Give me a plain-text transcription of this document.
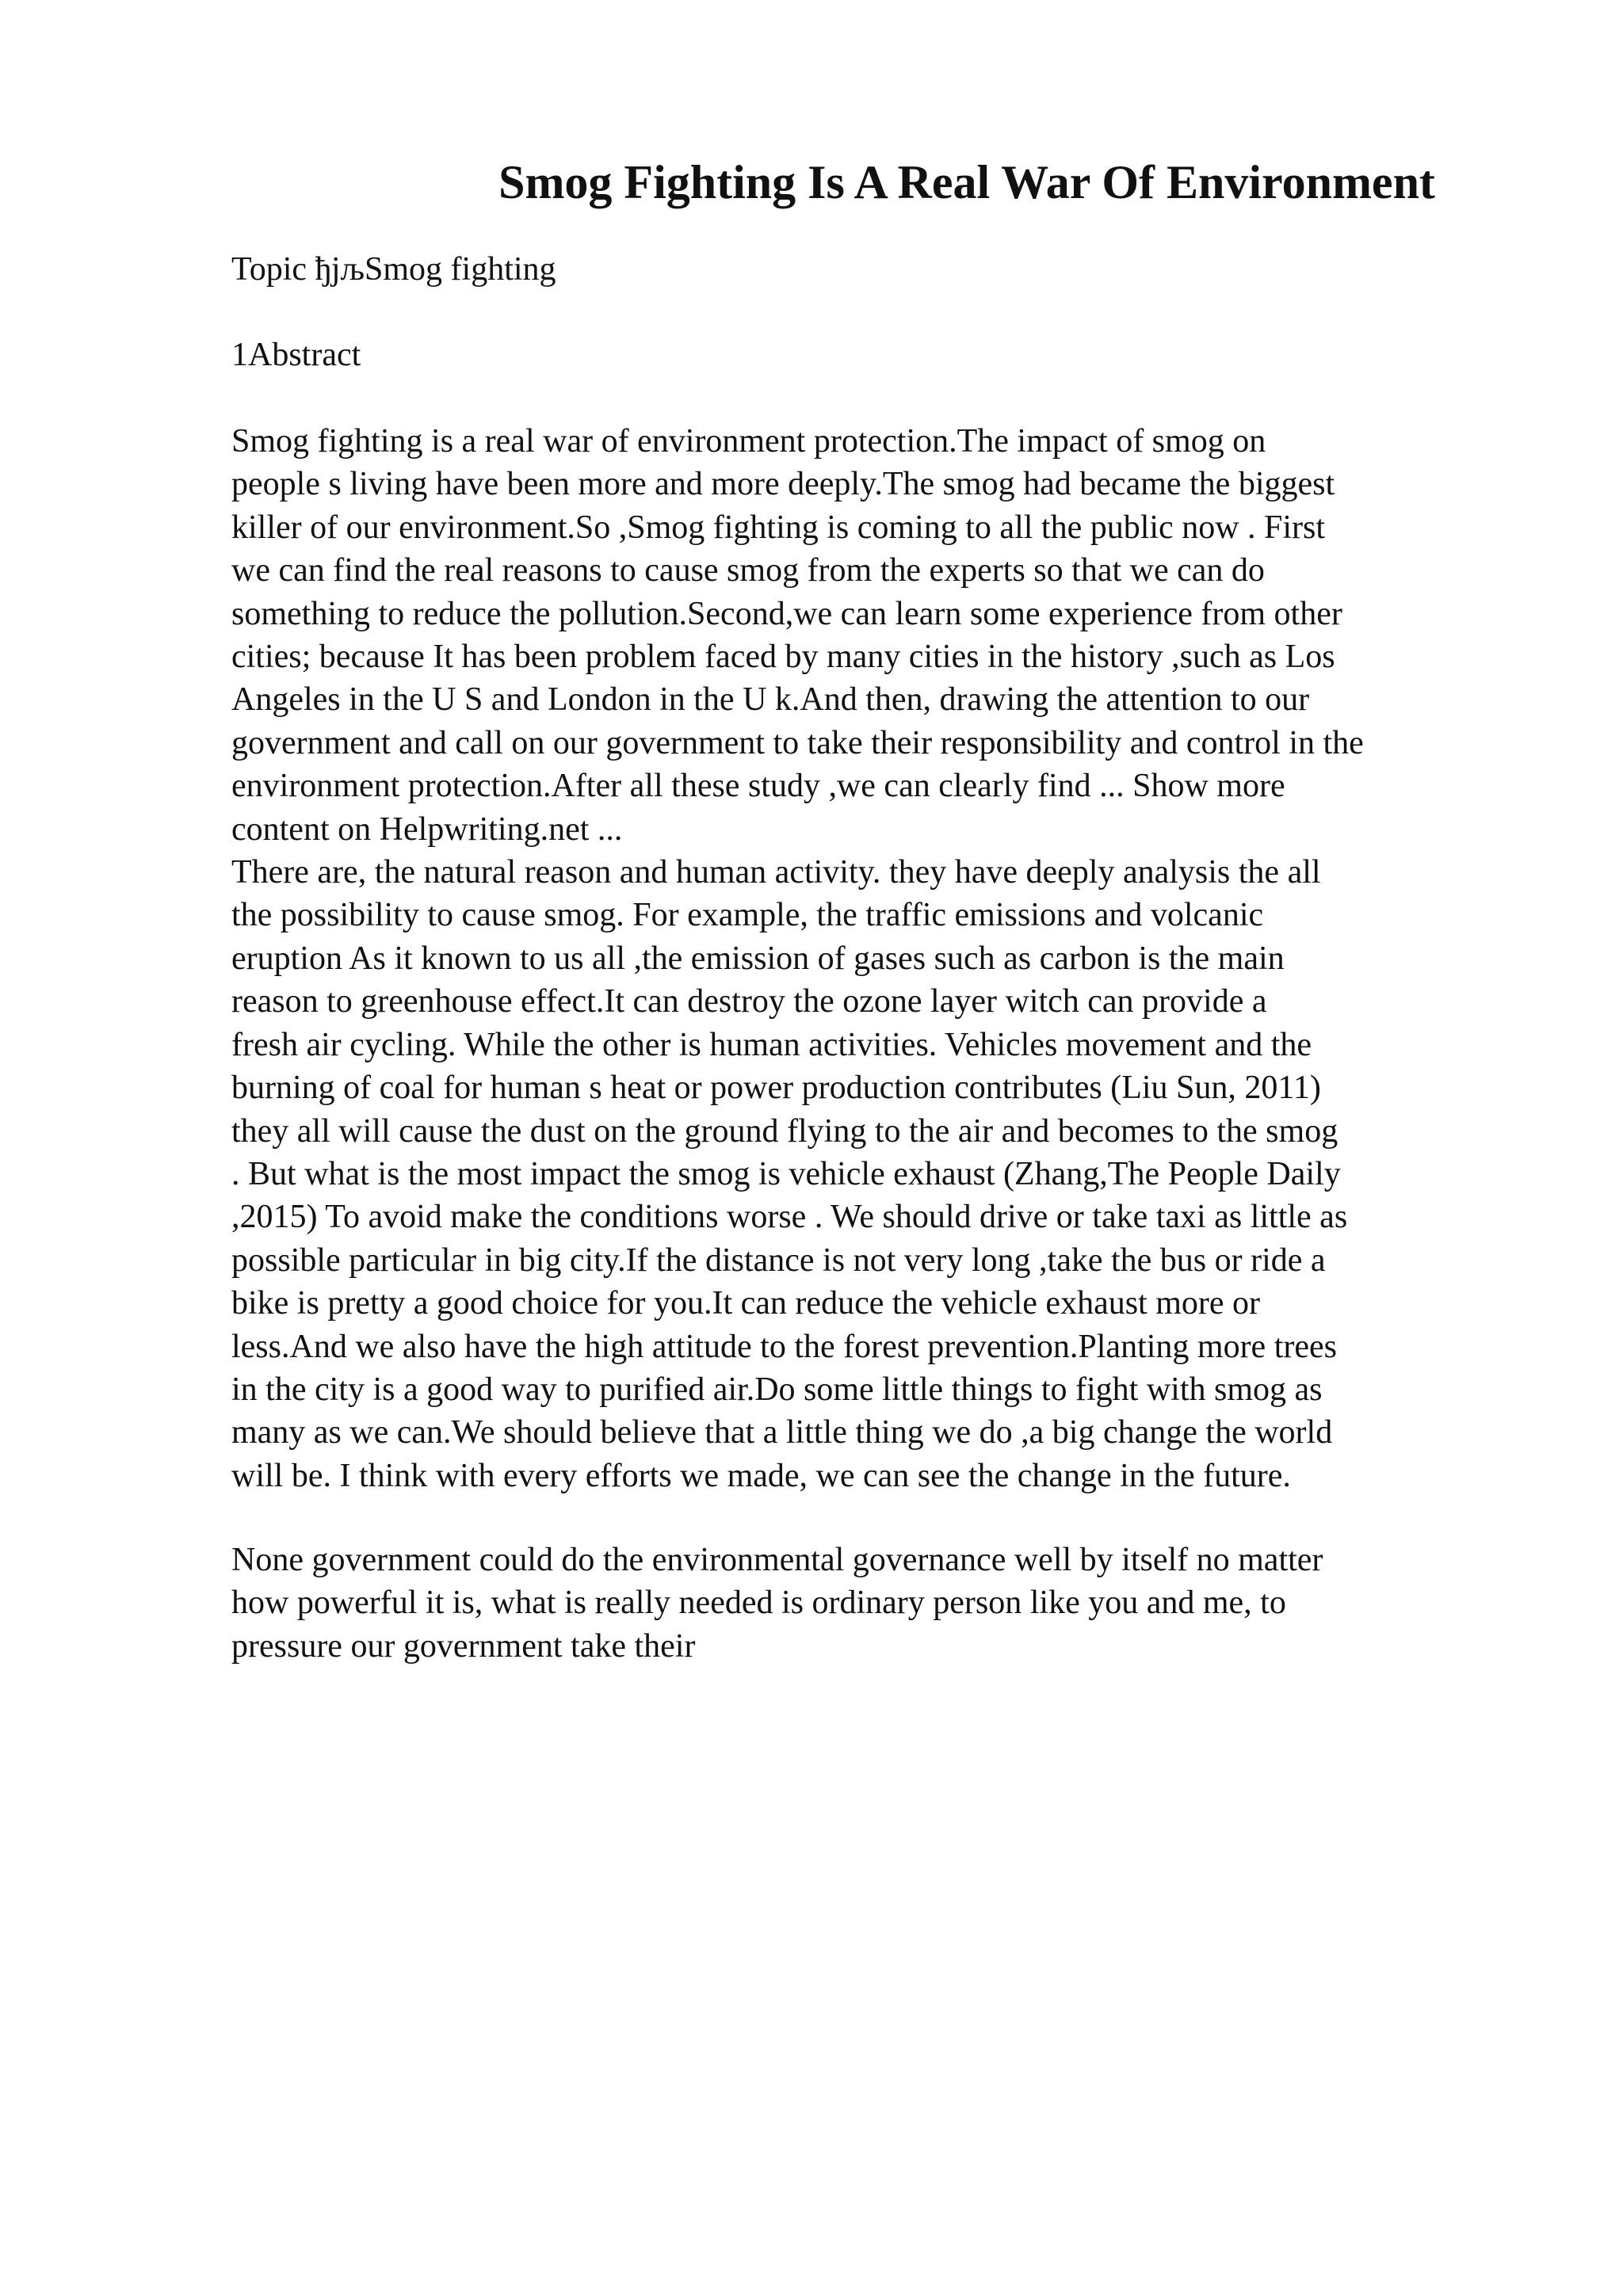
Smog Fighting Is A Real War Of Environment

Topic ђјљSmog fighting

1Abstract

Smog fighting is a real war of environment protection.The impact of smog on
people s living have been more and more deeply.The smog had became the biggest
killer of our environment.So ,Smog fighting is coming to all the public now . First
we can find the real reasons to cause smog from the experts so that we can do
something to reduce the pollution.Second,we can learn some experience from other
cities; because It has been problem faced by many cities in the history ,such as Los
Angeles in the U S and London in the U k.And then, drawing the attention to our
government and call on our government to take their responsibility and control in the
environment protection.After all these study ,we can clearly find ... Show more
content on Helpwriting.net ...
There are, the natural reason and human activity. they have deeply analysis the all
the possibility to cause smog. For example, the traffic emissions and volcanic
eruption As it known to us all ,the emission of gases such as carbon is the main
reason to greenhouse effect.It can destroy the ozone layer witch can provide a
fresh air cycling. While the other is human activities. Vehicles movement and the
burning of coal for human s heat or power production contributes (Liu Sun, 2011)
they all will cause the dust on the ground flying to the air and becomes to the smog
. But what is the most impact the smog is vehicle exhaust (Zhang,The People Daily
,2015) To avoid make the conditions worse . We should drive or take taxi as little as
possible particular in big city.If the distance is not very long ,take the bus or ride a
bike is pretty a good choice for you.It can reduce the vehicle exhaust more or
less.And we also have the high attitude to the forest prevention.Planting more trees
in the city is a good way to purified air.Do some little things to fight with smog as
many as we can.We should believe that a little thing we do ,a big change the world
will be. I think with every efforts we made, we can see the change in the future.

None government could do the environmental governance well by itself no matter
how powerful it is, what is really needed is ordinary person like you and me, to
pressure our government take their
